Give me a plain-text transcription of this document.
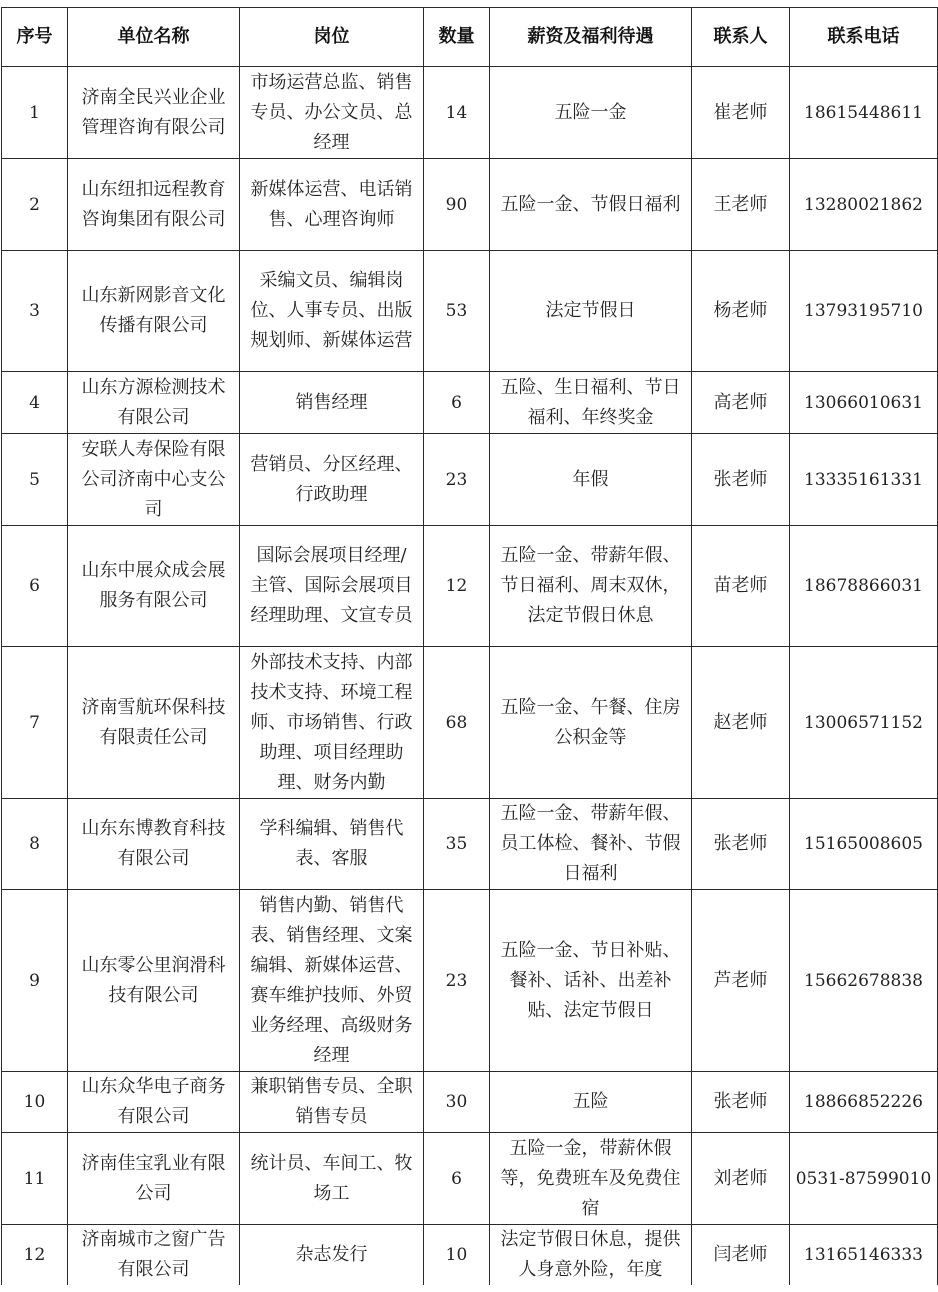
序号	单位名称	岗位	数量	薪资及福利待遇	联系人	联系电话
1	济南全民兴业企业管理咨询有限公司	市场运营总监、销售专员、办公文员、总经理	14	五险一金	崔老师	18615448611
2	山东纽扣远程教育咨询集团有限公司	新媒体运营、电话销售、心理咨询师	90	五险一金、节假日福利	王老师	13280021862
3	山东新网影音文化传播有限公司	采编文员、编辑岗位、人事专员、出版规划师、新媒体运营	53	法定节假日	杨老师	13793195710
4	山东方源检测技术有限公司	销售经理	6	五险、生日福利、节日福利、年终奖金	高老师	13066010631
5	安联人寿保险有限公司济南中心支公司	营销员、分区经理、行政助理	23	年假	张老师	13335161331
6	山东中展众成会展服务有限公司	国际会展项目经理/主管、国际会展项目经理助理、文宣专员	12	五险一金、带薪年假、节日福利、周末双休，法定节假日休息	苗老师	18678866031
7	济南雪航环保科技有限责任公司	外部技术支持、内部技术支持、环境工程师、市场销售、行政助理、项目经理助理、财务内勤	68	五险一金、午餐、住房公积金等	赵老师	13006571152
8	山东东博教育科技有限公司	学科编辑、销售代表、客服	35	五险一金、带薪年假、员工体检、餐补、节假日福利	张老师	15165008605
9	山东零公里润滑科技有限公司	销售内勤、销售代表、销售经理、文案编辑、新媒体运营、赛车维护技师、外贸业务经理、高级财务经理	23	五险一金、节日补贴、餐补、话补、出差补贴、法定节假日	芦老师	15662678838
10	山东众华电子商务有限公司	兼职销售专员、全职销售专员	30	五险	张老师	18866852226
11	济南佳宝乳业有限公司	统计员、车间工、牧场工	6	五险一金，带薪休假等，免费班车及免费住宿	刘老师	0531-87599010
12	济南城市之窗广告有限公司	杂志发行	10	法定节假日休息，提供人身意外险，年度	闫老师	13165146333
